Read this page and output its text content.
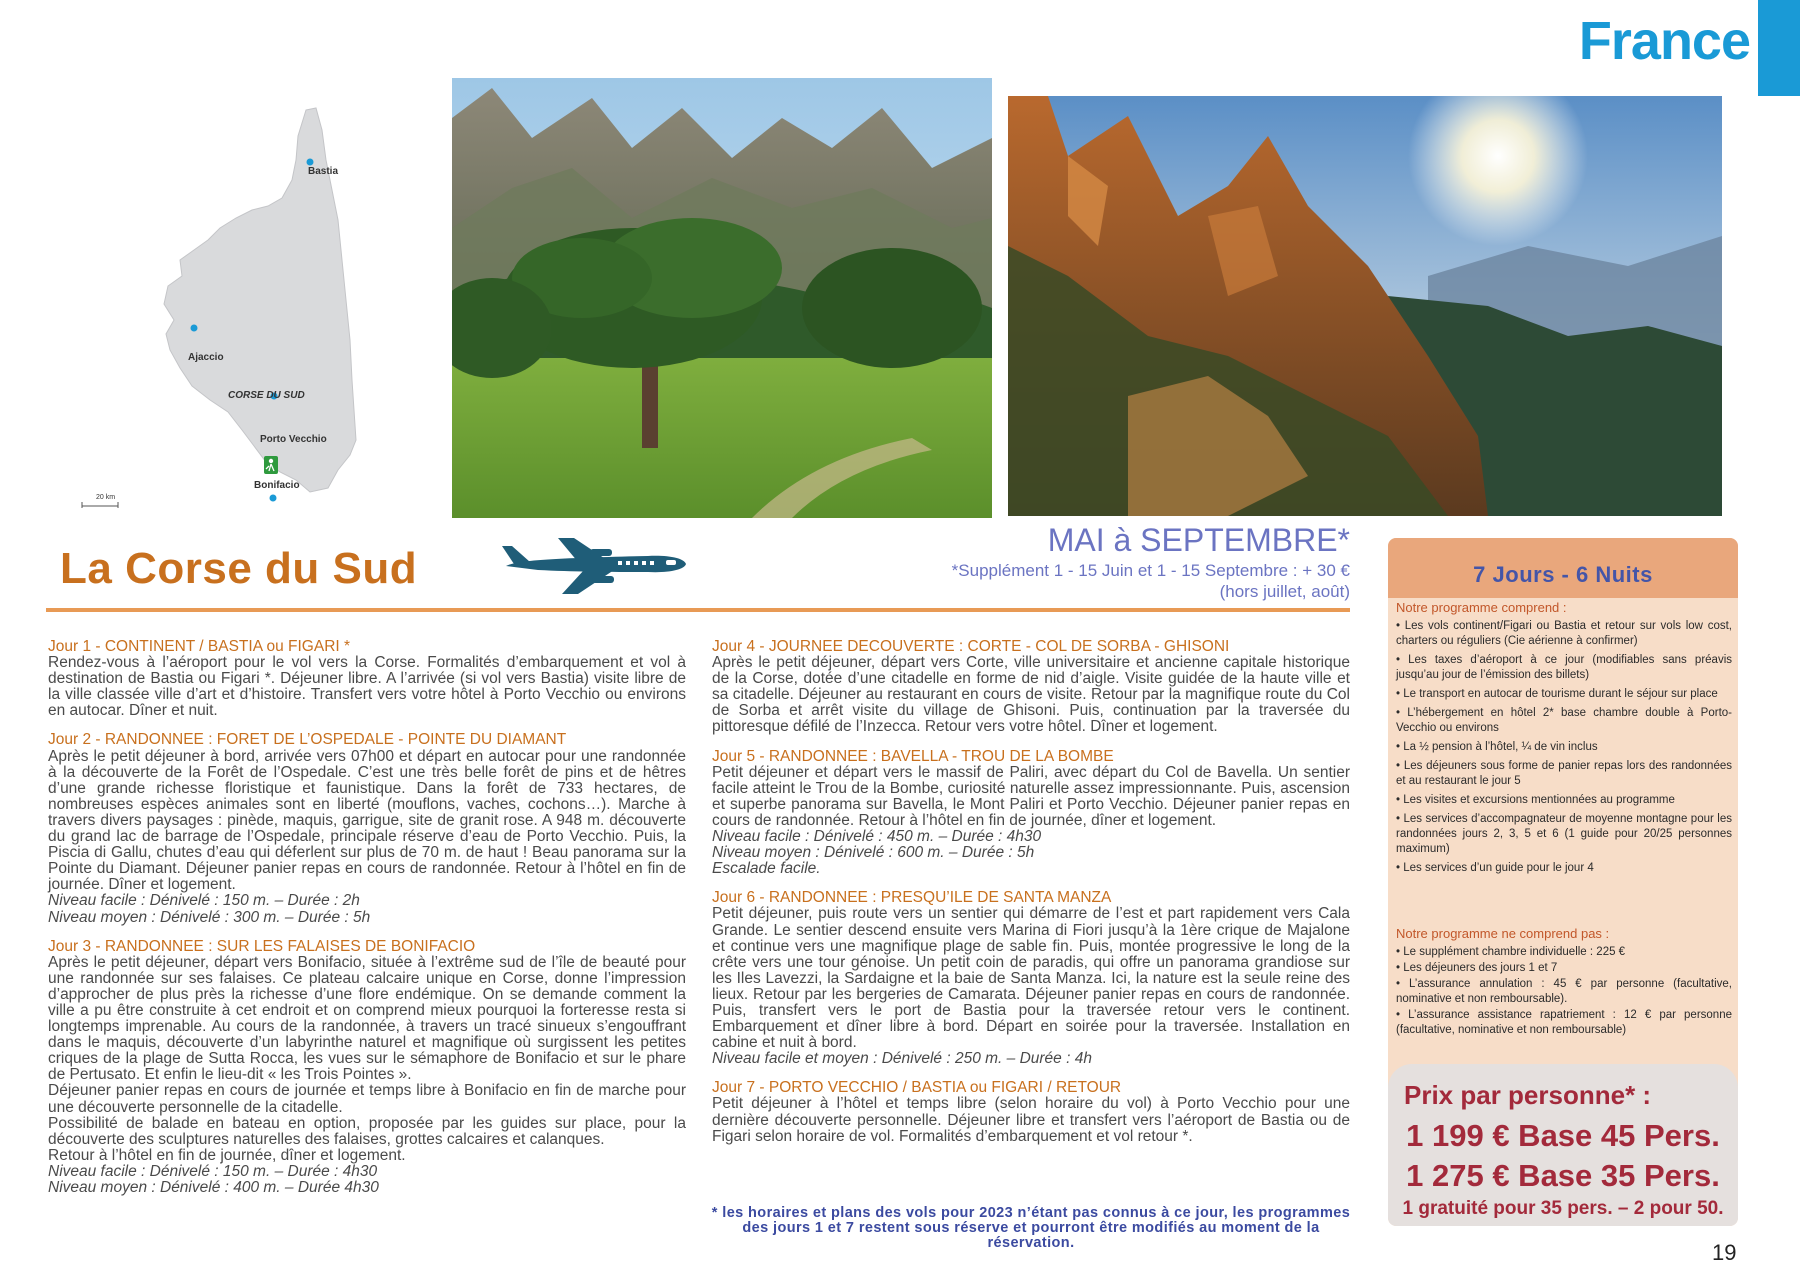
France
Bastia
Ajaccio
CORSE DU SUD
Porto Vecchio
Bonifacio
20 km
La Corse du Sud
MAI à SEPTEMBRE*
*Supplément 1 - 15 Juin et 1 - 15 Septembre : + 30 €
(hors juillet, août)
Jour 1 - CONTINENT / BASTIA ou FIGARI *

Rendez-vous à l’aéroport pour le vol vers la Corse. Formalités d’embarquement et vol à destination de Bastia ou Figari *. Déjeuner libre. A l’arrivée (si vol vers Bastia) visite libre de la ville classée ville d’art et d’histoire. Transfert vers votre hôtel à Porto Vecchio ou environs en autocar. Dîner et nuit.

Jour 2 - RANDONNEE : FORET DE L’OSPEDALE - POINTE DU DIAMANT

Après le petit déjeuner à bord, arrivée vers 07h00 et départ en autocar pour une randonnée à la découverte de la Forêt de l’Ospedale. C’est une très belle forêt de pins et de hêtres d’une grande richesse floristique et faunistique. Dans la forêt de 733 hectares, de nombreuses espèces animales sont en liberté (mouflons, vaches, cochons…). Marche à travers divers paysages : pinède, maquis, garrigue, site de granit rose. A 948 m. découverte du grand lac de barrage de l’Ospedale, principale réserve d’eau de Porto Vecchio. Puis, la Piscia di Gallu, chutes d’eau qui déferlent sur plus de 70 m. de haut ! Beau panorama sur la Pointe du Diamant. Déjeuner panier repas en cours de randonnée. Retour à l’hôtel en fin de journée. Dîner et logement.

Niveau facile : Dénivelé : 150 m. – Durée : 2h

Niveau moyen : Dénivelé : 300 m. – Durée : 5h

Jour 3 - RANDONNEE : SUR LES FALAISES DE BONIFACIO

Après le petit déjeuner, départ vers Bonifacio, située à l’extrême sud de l’île de beauté pour une randonnée sur ses falaises. Ce plateau calcaire unique en Corse, donne l’impression d’approcher de plus près la richesse d’une flore endémique. On se demande comment la ville a pu être construite à cet endroit et on comprend mieux pourquoi la forteresse resta si longtemps imprenable. Au cours de la randonnée, à travers un tracé sinueux s’engouffrant dans le maquis, découverte d’un labyrinthe naturel et magnifique où surgissent les petites criques de la plage de Sutta Rocca, les vues sur le sémaphore de Bonifacio et sur le phare de Pertusato. Et enfin le lieu-dit « les Trois Pointes ».

Déjeuner panier repas en cours de journée et temps libre à Bonifacio en fin de marche pour une découverte personnelle de la citadelle.

Possibilité de balade en bateau en option, proposée par les guides sur place, pour la découverte des sculptures naturelles des falaises, grottes calcaires et calanques.

Retour à l’hôtel en fin de journée, dîner et logement.

Niveau facile : Dénivelé : 150 m. – Durée : 4h30

Niveau moyen : Dénivelé : 400 m. – Durée 4h30

Jour 4 - JOURNEE DECOUVERTE : CORTE - COL DE SORBA - GHISONI

Après le petit déjeuner, départ vers Corte, ville universitaire et ancienne capitale historique de la Corse, dotée d’une citadelle en forme de nid d’aigle. Visite guidée de la haute ville et sa citadelle. Déjeuner au restaurant en cours de visite. Retour par la magnifique route du Col de Sorba et arrêt visite du village de Ghisoni. Puis, continuation par la traversée du pittoresque défilé de l’Inzecca. Retour vers votre hôtel. Dîner et logement.

Jour 5 - RANDONNEE : BAVELLA - TROU DE LA BOMBE

Petit déjeuner et départ vers le massif de Paliri, avec départ du Col de Bavella. Un sentier facile atteint le Trou de la Bombe, curiosité naturelle assez impressionnante. Puis, ascension et superbe panorama sur Bavella, le Mont Paliri et Porto Vecchio. Déjeuner panier repas en cours de randonnée. Retour à l’hôtel en fin de journée, dîner et logement.

Niveau facile : Dénivelé : 450 m. – Durée : 4h30

Niveau moyen : Dénivelé : 600 m. – Durée : 5h

Escalade facile.

Jour 6 - RANDONNEE : PRESQU’ILE DE SANTA MANZA

Petit déjeuner, puis route vers un sentier qui démarre de l’est et part rapidement vers Cala Grande. Le sentier descend ensuite vers Marina di Fiori jusqu’à la 1ère crique de Majalone et continue vers une magnifique plage de sable fin. Puis, montée progressive le long de la crête vers une tour génoise. Un petit coin de paradis, qui offre un panorama grandiose sur les Iles Lavezzi, la Sardaigne et la baie de Santa Manza. Ici, la nature est la seule reine des lieux. Retour par les bergeries de Camarata. Déjeuner panier repas en cours de randonnée. Puis, transfert vers le port de Bastia pour la traversée retour vers le continent. Embarquement et dîner libre à bord. Départ en soirée pour la traversée. Installation en cabine et nuit à bord.

Niveau facile et moyen : Dénivelé : 250 m. – Durée : 4h

Jour 7 - PORTO VECCHIO / BASTIA ou FIGARI / RETOUR

Petit déjeuner à l’hôtel et temps libre (selon horaire du vol) à Porto Vecchio pour une dernière découverte personnelle. Déjeuner libre et transfert vers l’aéroport de Bastia ou de Figari selon horaire de vol. Formalités d’embarquement et vol retour *.

* les horaires et plans des vols pour 2023 n’étant pas connus à ce jour, les programmes des jours 1 et 7 restent sous réserve et pourront être modifiés au moment de la réservation.
7 Jours - 6 Nuits
Notre programme comprend :
• Les vols continent/Figari ou Bastia et retour sur vols low cost, charters ou réguliers (Cie aérienne à confirmer)
• Les taxes d’aéroport à ce jour (modifiables sans préavis jusqu’au jour de l’émission des billets)
• Le transport en autocar de tourisme durant le séjour sur place
• L’hébergement en hôtel 2* base chambre double à Porto-Vecchio ou environs
• La ½ pension à l’hôtel, ¼ de vin inclus
• Les déjeuners sous forme de panier repas lors des randonnées et au restaurant le jour 5
• Les visites et excursions mentionnées au programme
• Les services d’accompagnateur de moyenne montagne pour les randonnées jours 2, 3, 5 et 6 (1 guide pour 20/25 personnes maximum)
• Les services d’un guide pour le jour 4
Notre programme ne comprend pas :
• Le supplément chambre individuelle : 225 €
• Les déjeuners des jours 1 et 7
• L’assurance annulation : 45 € par personne (facultative, nominative et non remboursable).
• L’assurance assistance rapatriement : 12 € par personne (facultative, nominative et non remboursable)
Prix par personne* :
1 199 € Base 45 Pers.
1 275 € Base 35 Pers.
1 gratuité pour 35 pers. – 2 pour 50.
19
